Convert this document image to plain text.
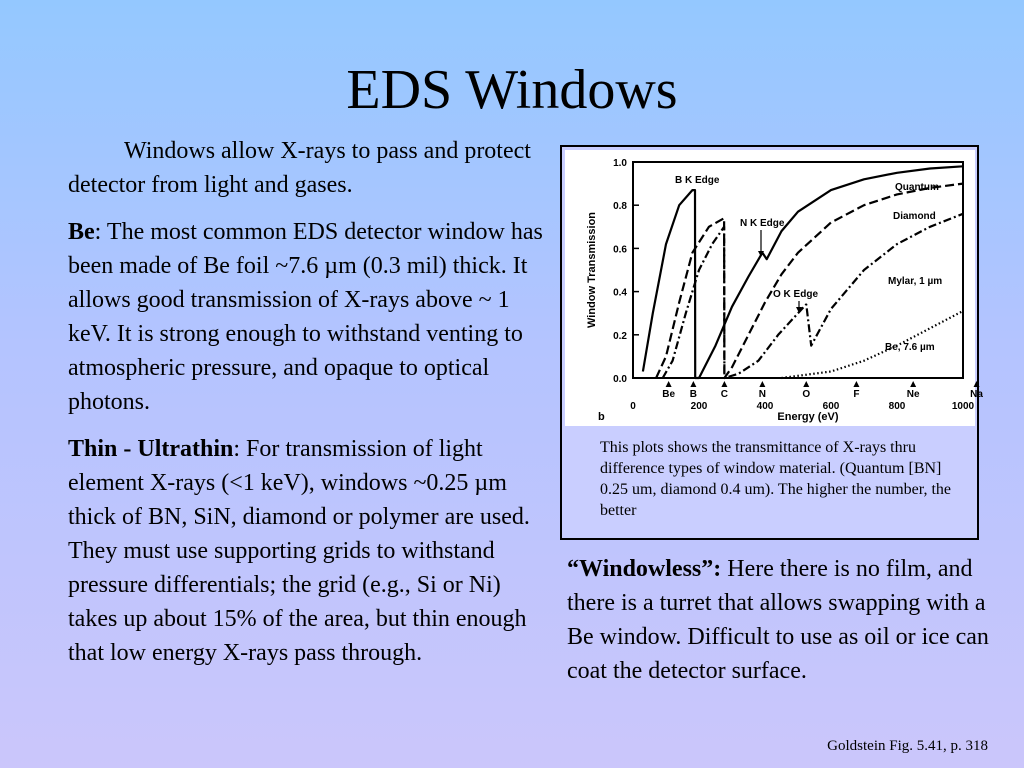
EDS Windows

Windows allow X-rays to pass and protect detector from light and gases.

Be: The most common EDS detector window has been made of Be foil ~7.6 µm (0.3 mil) thick. It allows good transmission of X-rays above ~ 1 keV. It is strong enough to withstand venting to atmospheric pressure, and opaque to optical photons.

Thin - Ultrathin: For transmission of light element X-rays (<1 keV), windows ~0.25 µm thick of BN, SiN, diamond or polymer are used. They must use supporting grids to withstand pressure differentials; the grid (e.g., Si or Ni) takes up about 15% of the area, but thin enough that low energy X-rays pass through.

0.0
0.2
0.4
0.6
0.8
1.0
0	200	400	600	800	1000
Be B C	N	O	F	Ne	Na
Energy (eV)
Window Transmission
b
Quantum
Diamond
Mylar, 1 µm
Be, 7.6 µm
B K Edge
N K Edge
O K Edge
This plots shows the transmittance of X-rays thru difference types of window material. (Quantum [BN] 0.25 um, diamond 0.4 um). The higher the number, the better
“Windowless”: Here there is no film, and there is a turret that allows swapping with a Be window. Difficult to use as oil or ice can coat the detector surface.
Goldstein Fig. 5.41, p. 318
